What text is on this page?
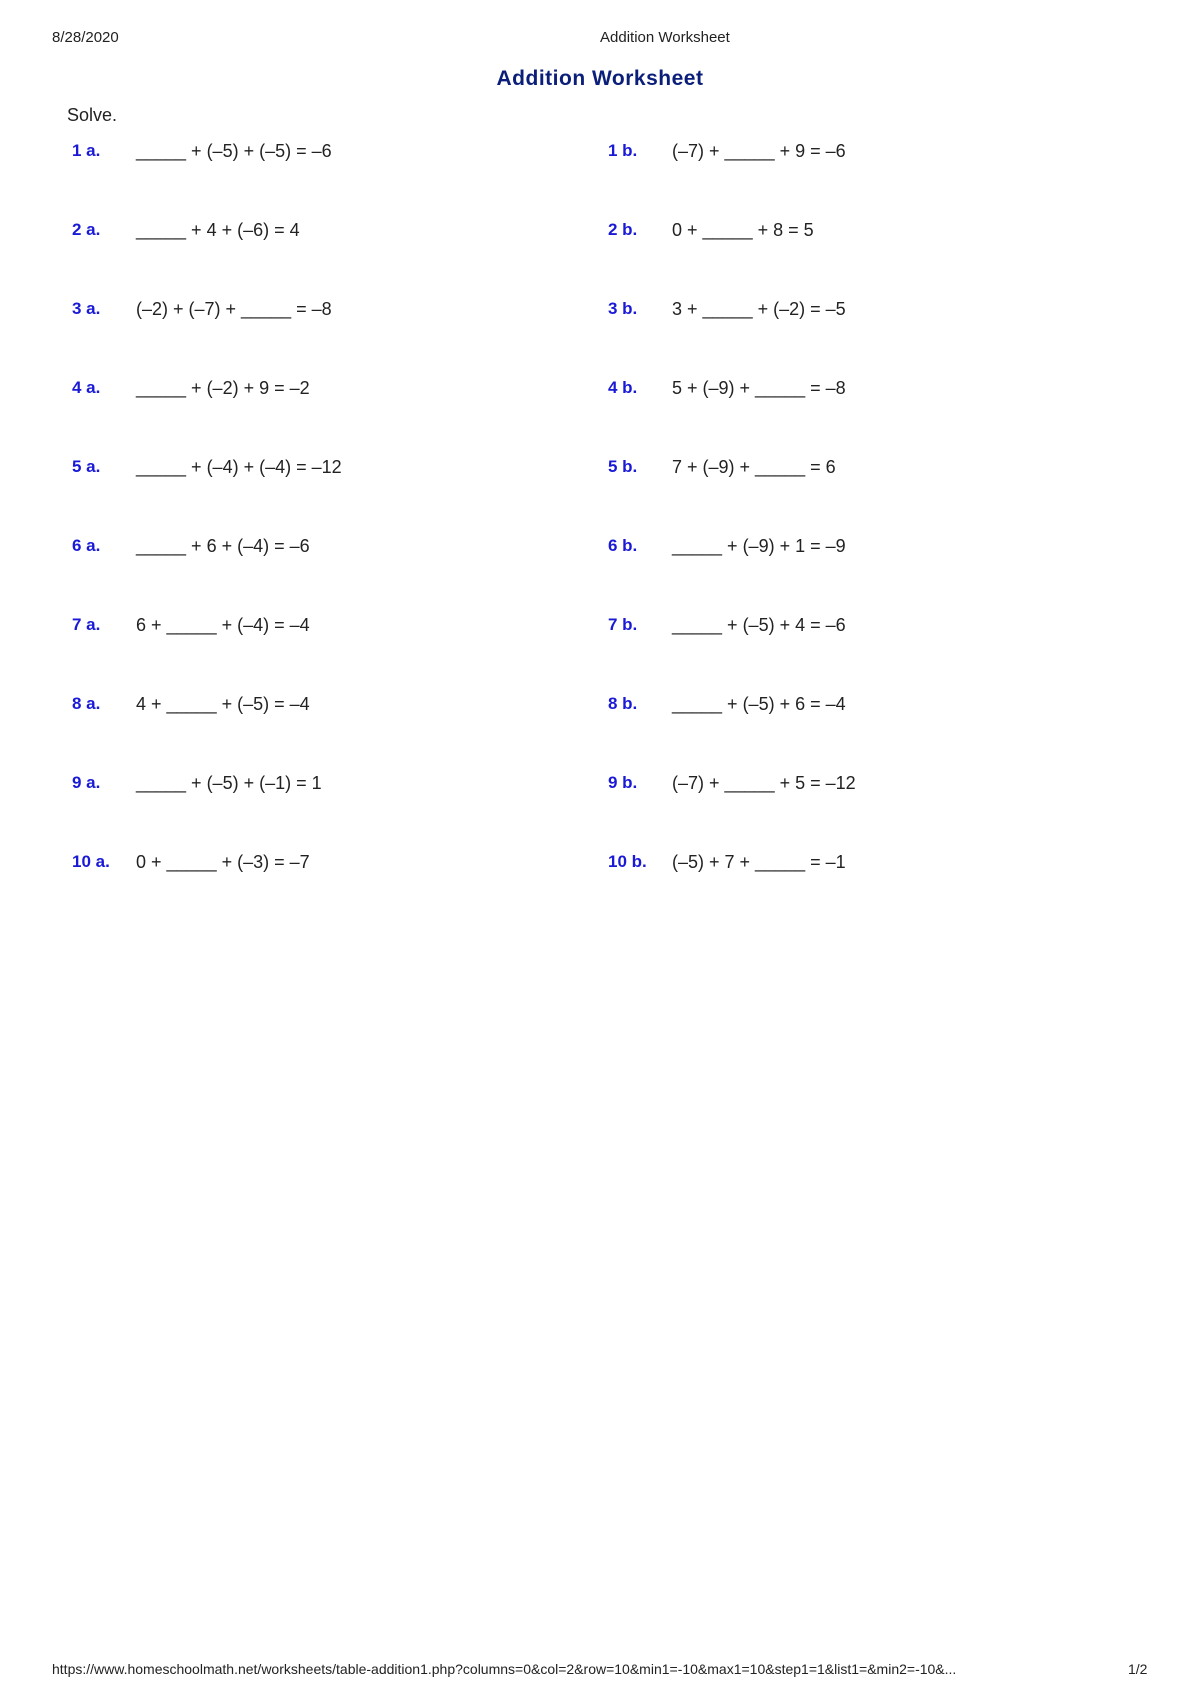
8/28/2020	Addition Worksheet
Addition Worksheet
Solve.
1 a. _____ + (–5) + (–5) = –6	1 b. (–7) + _____ + 9 = –6
2 a. _____ + 4 + (–6) = 4	2 b. 0 + _____ + 8 = 5
3 a. (–2) + (–7) + _____ = –8	3 b. 3 + _____ + (–2) = –5
4 a. _____ + (–2) + 9 = –2	4 b. 5 + (–9) + _____ = –8
5 a. _____ + (–4) + (–4) = –12	5 b. 7 + (–9) + _____ = 6
6 a. _____ + 6 + (–4) = –6	6 b. _____ + (–9) + 1 = –9
7 a. 6 + _____ + (–4) = –4	7 b. _____ + (–5) + 4 = –6
8 a. 4 + _____ + (–5) = –4	8 b. _____ + (–5) + 6 = –4
9 a. _____ + (–5) + (–1) = 1	9 b. (–7) + _____ + 5 = –12
10 a. 0 + _____ + (–3) = –7	10 b. (–5) + 7 + _____ = –1
https://www.homeschoolmath.net/worksheets/table-addition1.php?columns=0&col=2&row=10&min1=-10&max1=10&step1=1&list1=&min2=-10&...	1/2
